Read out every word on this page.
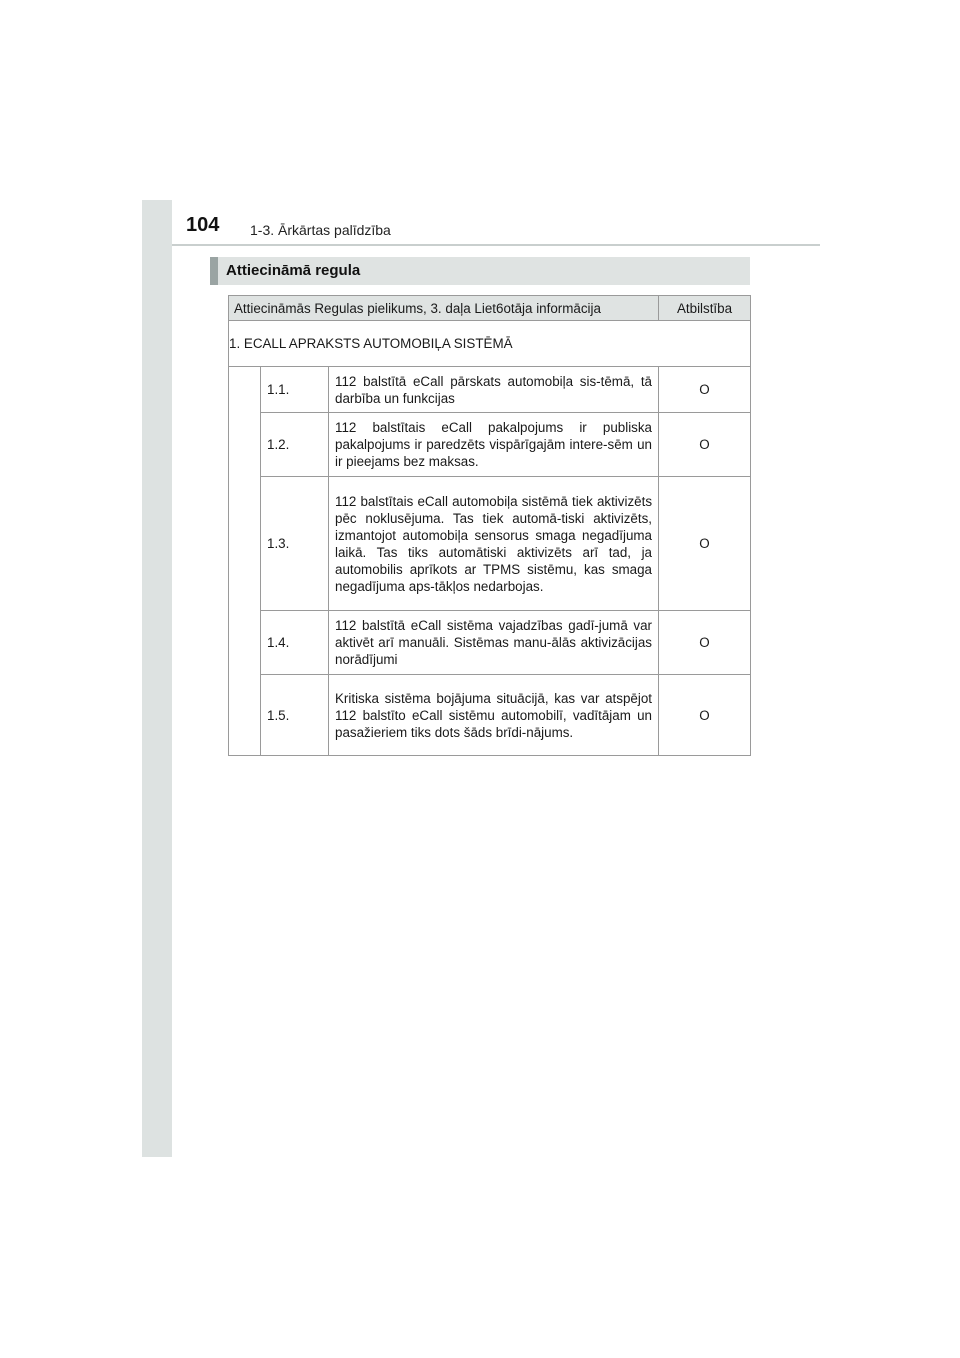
104 1-3. Ārkārtas palīdzība
Attiecināmā regula
Attiecināmās Regulas pielikums, 3. daļa Liet6otāja informācija			Atbilstība
1. ECALL APRAKSTS AUTOMOBIĻA SISTĒMĀ			
	1.1.	112 balstītā eCall pārskats automobiļa sis-tēmā, tā darbība un funkcijas	O
	1.2.	112 balstītais eCall pakalpojums ir publiska pakalpojums ir paredzēts vispārīgajām intere-sēm un ir pieejams bez maksas.	O
	1.3.	112 balstītais eCall automobiļa sistēmā tiek aktivizēts pēc noklusējuma. Tas tiek automā-tiski aktivizēts, izmantojot automobiļa sensorus smaga negadījuma laikā. Tas tiks automātiski aktivizēts arī tad, ja automobilis aprīkots ar TPMS sistēmu, kas smaga negadījuma aps-tākļos nedarbojas.	O
	1.4.	112 balstītā eCall sistēma vajadzības gadī-jumā var aktivēt arī manuāli. Sistēmas manu-ālās aktivizācijas norādījumi	O
	1.5.	Kritiska sistēma bojājuma situācijā, kas var atspējot 112 balstīto eCall sistēmu automobilī, vadītājam un pasažieriem tiks dots šāds brīdi-nājums.	O
